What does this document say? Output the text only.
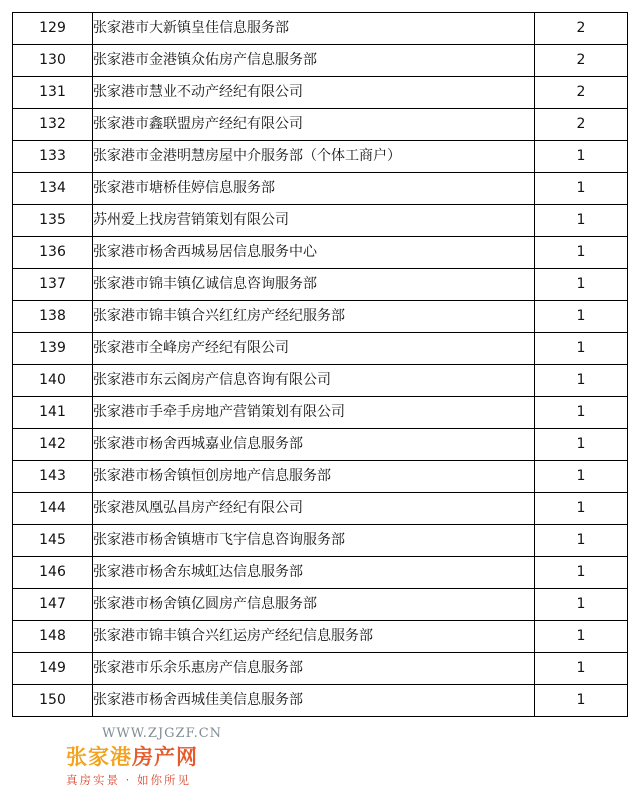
129	张家港市大新镇皇佳信息服务部	2
130	张家港市金港镇众佑房产信息服务部	2
131	张家港市慧业不动产经纪有限公司	2
132	张家港市鑫联盟房产经纪有限公司	2
133	张家港市金港明慧房屋中介服务部（个体工商户）	1
134	张家港市塘桥佳婷信息服务部	1
135	苏州爱上找房营销策划有限公司	1
136	张家港市杨舍西城易居信息服务中心	1
137	张家港市锦丰镇亿诚信息咨询服务部	1
138	张家港市锦丰镇合兴红红房产经纪服务部	1
139	张家港市全峰房产经纪有限公司	1
140	张家港市东云阁房产信息咨询有限公司	1
141	张家港市手牵手房地产营销策划有限公司	1
142	张家港市杨舍西城嘉业信息服务部	1
143	张家港市杨舍镇恒创房地产信息服务部	1
144	张家港凤凰弘昌房产经纪有限公司	1
145	张家港市杨舍镇塘市飞宇信息咨询服务部	1
146	张家港市杨舍东城虹达信息服务部	1
147	张家港市杨舍镇亿圆房产信息服务部	1
148	张家港市锦丰镇合兴红运房产经纪信息服务部	1
149	张家港市乐余乐惠房产信息服务部	1
150	张家港市杨舍西城佳美信息服务部	1
WWW.ZJGZF.CN
张家港房产网
真房实景 · 如你所见
